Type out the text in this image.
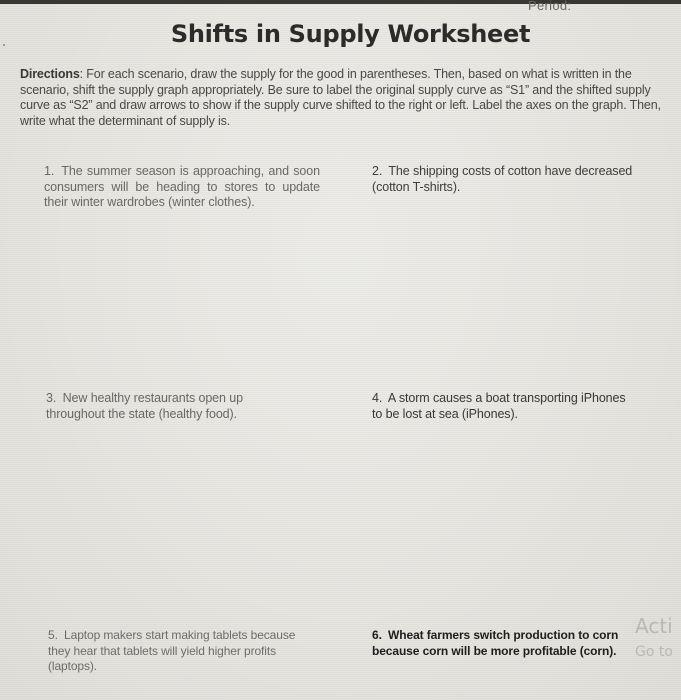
Period:
Shifts in Supply Worksheet

Directions: For each scenario, draw the supply for the good in parentheses. Then, based on what is written in the scenario, shift the supply graph appropriately. Be sure to label the original supply curve as “S1” and the shifted supply curve as “S2” and draw arrows to show if the supply curve shifted to the right or left. Label the axes on the graph. Then, write what the determinant of supply is.

1. The summer season is approaching, and soon consumers will be heading to stores to update their winter wardrobes (winter clothes).
2. The shipping costs of cotton have decreased (cotton T-shirts).
3. New healthy restaurants open up throughout the state (healthy food).
4. A storm causes a boat transporting iPhones to be lost at sea (iPhones).
5. Laptop makers start making tablets because they hear that tablets will yield higher profits (laptops).
6. Wheat farmers switch production to corn because corn will be more profitable (corn).
Acti
Go to
